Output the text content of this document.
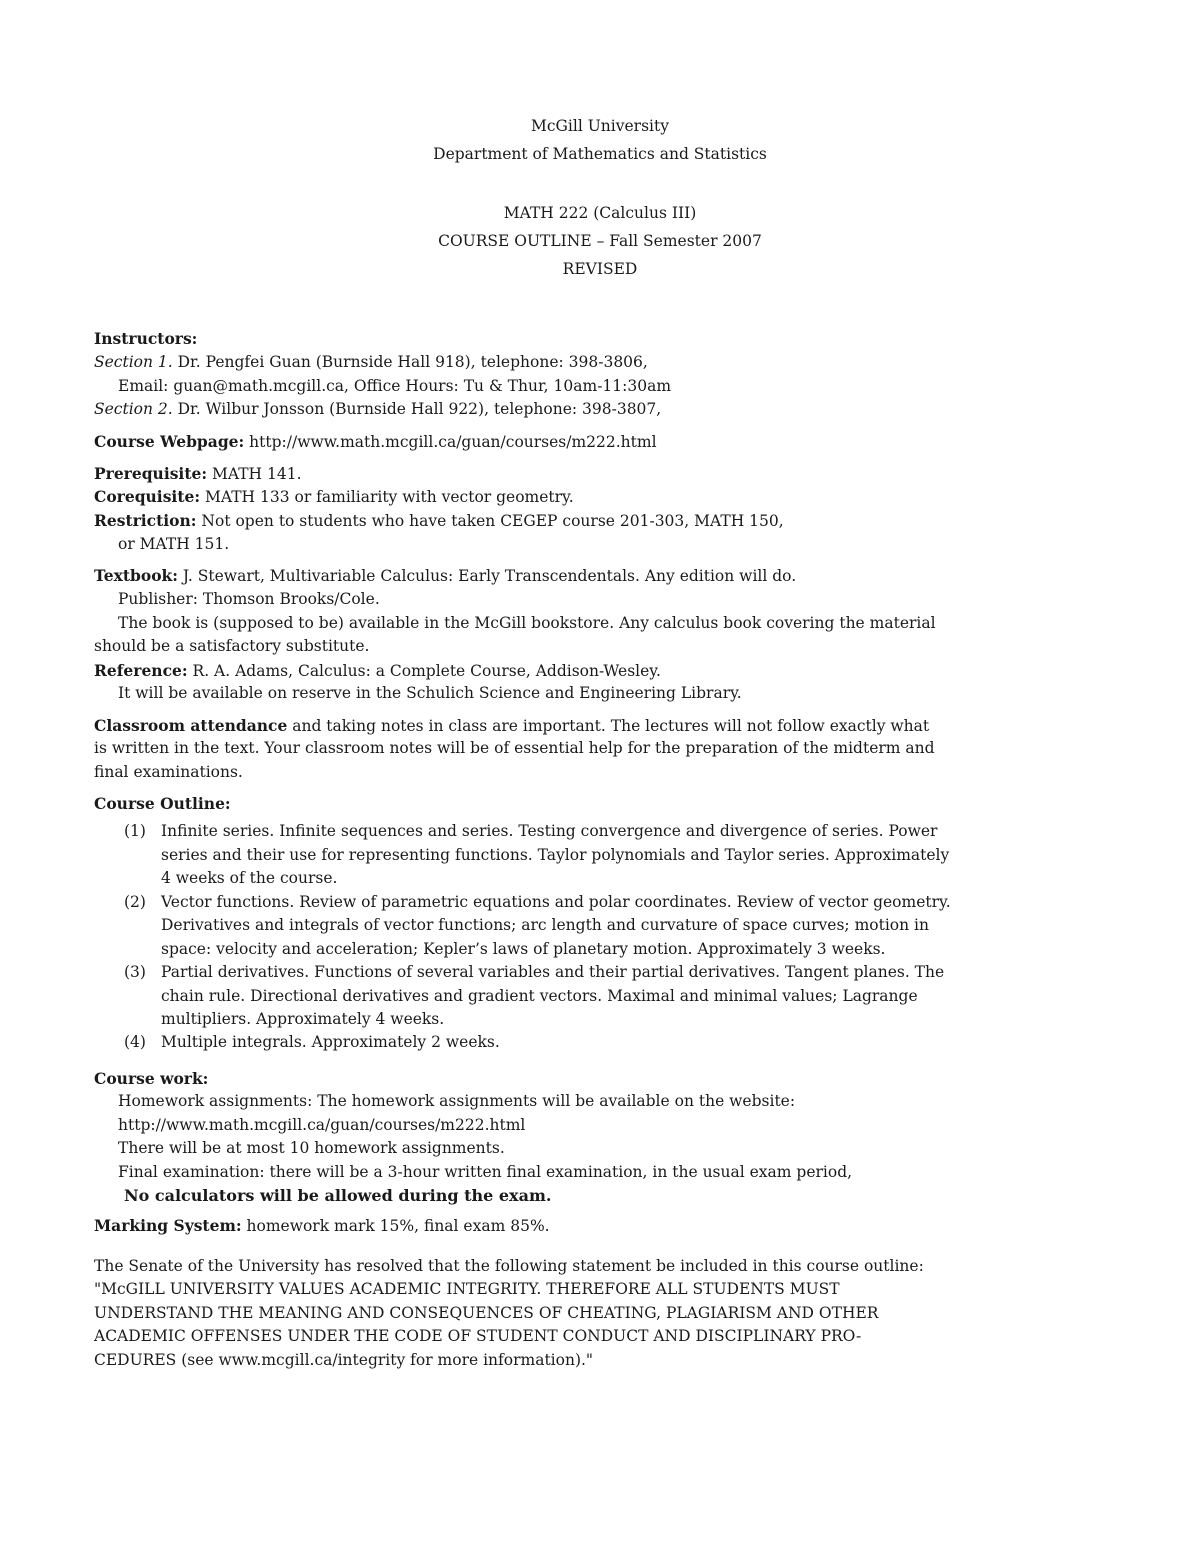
McGill University
Department of Mathematics and Statistics
MATH 222 (Calculus III)
COURSE OUTLINE – Fall Semester 2007
REVISED
Instructors:
Section 1. Dr. Pengfei Guan (Burnside Hall 918), telephone: 398-3806,
Email: guan@math.mcgill.ca, Office Hours: Tu & Thur, 10am-11:30am
Section 2. Dr. Wilbur Jonsson (Burnside Hall 922), telephone: 398-3807,
Course Webpage: http://www.math.mcgill.ca/guan/courses/m222.html
Prerequisite: MATH 141.
Corequisite: MATH 133 or familiarity with vector geometry.
Restriction: Not open to students who have taken CEGEP course 201-303, MATH 150,
or MATH 151.
Textbook: J. Stewart, Multivariable Calculus: Early Transcendentals. Any edition will do.
Publisher: Thomson Brooks/Cole.
The book is (supposed to be) available in the McGill bookstore. Any calculus book covering the material
should be a satisfactory substitute.
Reference: R. A. Adams, Calculus: a Complete Course, Addison-Wesley.
It will be available on reserve in the Schulich Science and Engineering Library.
Classroom attendance and taking notes in class are important. The lectures will not follow exactly what
is written in the text. Your classroom notes will be of essential help for the preparation of the midterm and
final examinations.
Course Outline:
(1) Infinite series. Infinite sequences and series. Testing convergence and divergence of series. Power
series and their use for representing functions. Taylor polynomials and Taylor series. Approximately
4 weeks of the course.
(2) Vector functions. Review of parametric equations and polar coordinates. Review of vector geometry.
Derivatives and integrals of vector functions; arc length and curvature of space curves; motion in
space: velocity and acceleration; Kepler’s laws of planetary motion. Approximately 3 weeks.
(3) Partial derivatives. Functions of several variables and their partial derivatives. Tangent planes. The
chain rule. Directional derivatives and gradient vectors. Maximal and minimal values; Lagrange
multipliers. Approximately 4 weeks.
(4) Multiple integrals. Approximately 2 weeks.
Course work:
Homework assignments: The homework assignments will be available on the website:
http://www.math.mcgill.ca/guan/courses/m222.html
There will be at most 10 homework assignments.
Final examination: there will be a 3-hour written final examination, in the usual exam period,
No calculators will be allowed during the exam.
Marking System: homework mark 15%, final exam 85%.
The Senate of the University has resolved that the following statement be included in this course outline:
"McGILL UNIVERSITY VALUES ACADEMIC INTEGRITY. THEREFORE ALL STUDENTS MUST
UNDERSTAND THE MEANING AND CONSEQUENCES OF CHEATING, PLAGIARISM AND OTHER
ACADEMIC OFFENSES UNDER THE CODE OF STUDENT CONDUCT AND DISCIPLINARY PRO-
CEDURES (see www.mcgill.ca/integrity for more information)."
